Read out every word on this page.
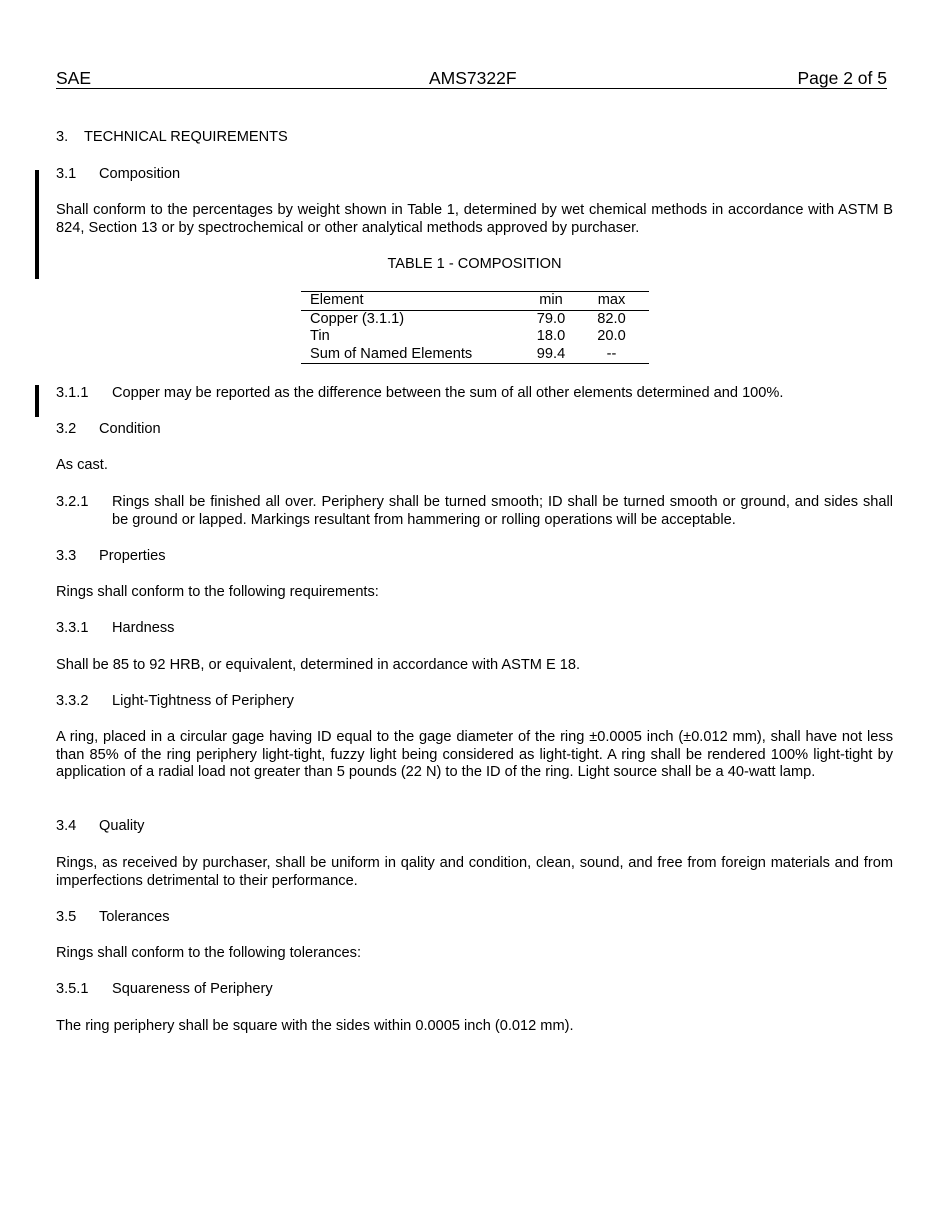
SAE	AMS7322F	Page 2 of 5
3. TECHNICAL REQUIREMENTS
3.1 Composition
Shall conform to the percentages by weight shown in Table 1, determined by wet chemical methods in accordance with ASTM B 824, Section 13 or by spectrochemical or other analytical methods approved by purchaser.
TABLE 1 - COMPOSITION
Element	min	max
Copper (3.1.1)	79.0	82.0
Tin	18.0	20.0
Sum of Named Elements	99.4	--
3.1.1 Copper may be reported as the difference between the sum of all other elements determined and 100%.
3.2 Condition
As cast.
3.2.1 Rings shall be finished all over. Periphery shall be turned smooth; ID shall be turned smooth or ground, and sides shall be ground or lapped. Markings resultant from hammering or rolling operations will be acceptable.
3.3 Properties
Rings shall conform to the following requirements:
3.3.1 Hardness
Shall be 85 to 92 HRB, or equivalent, determined in accordance with ASTM E 18.
3.3.2 Light-Tightness of Periphery
A ring, placed in a circular gage having ID equal to the gage diameter of the ring ±0.0005 inch (±0.012 mm), shall have not less than 85% of the ring periphery light-tight, fuzzy light being considered as light-tight. A ring shall be rendered 100% light-tight by application of a radial load not greater than 5 pounds (22 N) to the ID of the ring. Light source shall be a 40-watt lamp.
3.4 Quality
Rings, as received by purchaser, shall be uniform in qality and condition, clean, sound, and free from foreign materials and from imperfections detrimental to their performance.
3.5 Tolerances
Rings shall conform to the following tolerances:
3.5.1 Squareness of Periphery
The ring periphery shall be square with the sides within 0.0005 inch (0.012 mm).
